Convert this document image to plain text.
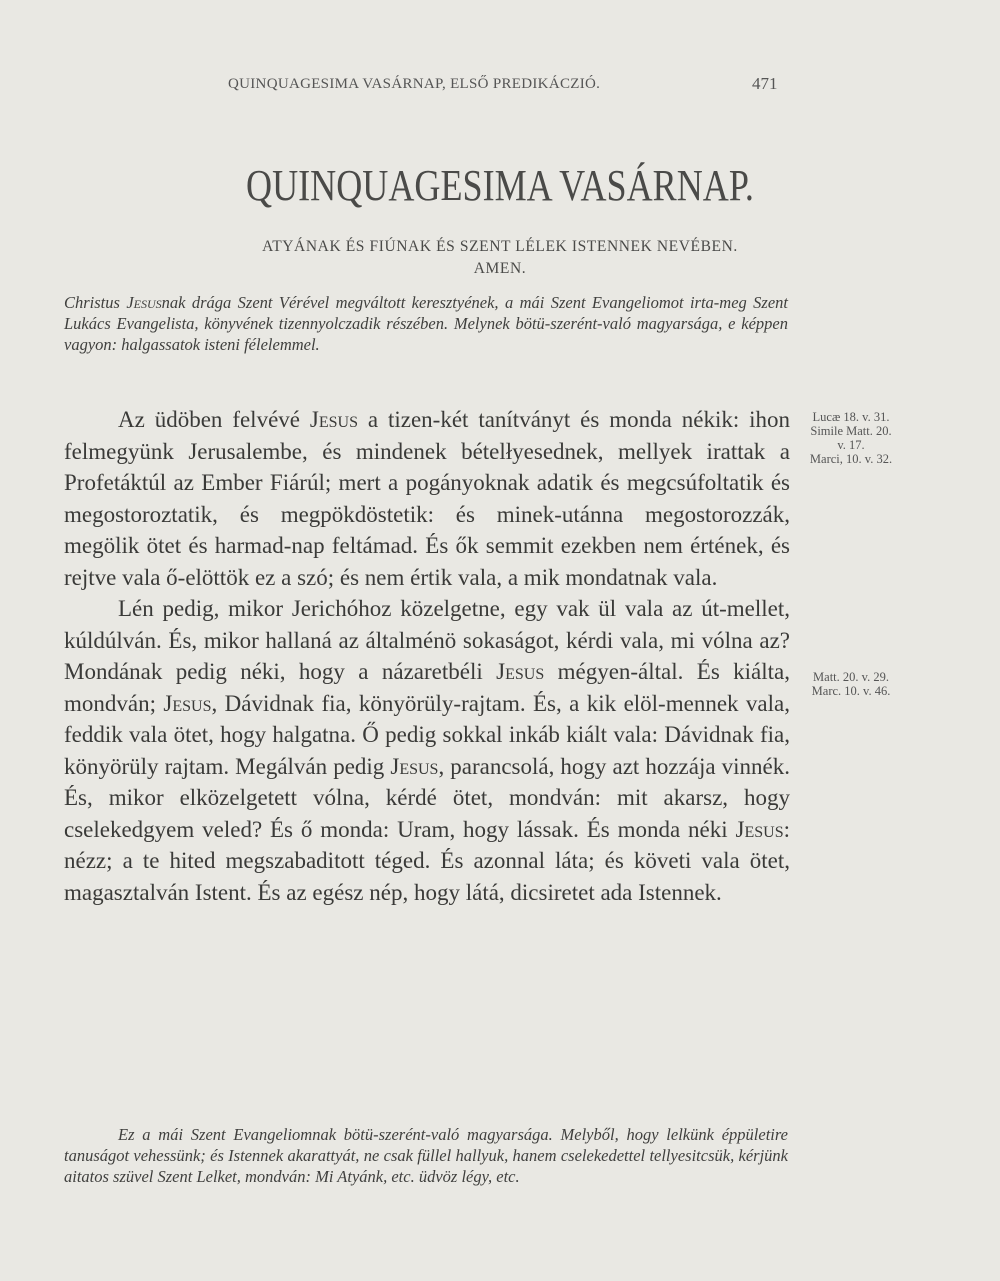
QUINQUAGESIMA VASÁRNAP, ELSŐ PREDIKÁCZIÓ.	471
QUINQUAGESIMA VASÁRNAP.
ATYÁNAK ÉS FIÚNAK ÉS SZENT LÉLEK ISTENNEK NEVÉBEN.
AMEN.
Christus Jesusnak drága Szent Vérével megváltott keresztyének, a mái Szent Evangeliomot irta-meg Szent Lukács Evangelista, könyvének tizennyolczadik részében. Melynek bötü-szerént-való magyarsága, e képpen vagyon: halgassatok isteni félelemmel.

Az üdöben felvévé Jesus a tizen-két tanítványt és monda nékik: ihon felmegyünk Jerusalembe, és mindenek bételłyesednek, mellyek irattak a Profetáktúl az Ember Fiárúl; mert a pogányoknak adatik és megcsúfoltatik és megostoroztatik, és megpökdöstetik: és minek-utánna megostorozzák, megölik ötet és harmad-nap feltámad. És ők semmit ezekben nem értének, és rejtve vala ő-elöttök ez a szó; és nem értik vala, a mik mondatnak vala.

Lén pedig, mikor Jerichóhoz közelgetne, egy vak ül vala az út-mellet, kúldúlván. És, mikor hallaná az általménö sokaságot, kérdi vala, mi vólna az? Mondának pedig néki, hogy a názaretbéli Jesus mégyen-által. És kiálta, mondván; Jesus, Dávidnak fia, könyörüly-rajtam. És, a kik elöl-mennek vala, feddik vala ötet, hogy halgatna. Ő pedig sokkal inkáb kiált vala: Dávidnak fia, könyörüly rajtam. Megálván pedig Jesus, parancsolá, hogy azt hozzája vinnék. És, mikor elközelgetett vólna, kérdé ötet, mondván: mit akarsz, hogy cselekedgyem veled? És ő monda: Uram, hogy lássak. És monda néki Jesus: nézz; a te hited megszabaditott téged. És azonnal láta; és követi vala ötet, magasztalván Istent. És az egész nép, hogy látá, dicsiretet ada Istennek.

Ez a mái Szent Evangeliomnak bötü-szerént-való magyarsága. Melyből, hogy lelkünk éppületire tanuságot vehessünk; és Istennek akarattyát, ne csak füllel hallyuk, hanem cselekedettel tellyesitcsük, kérjünk aitatos szüvel Szent Lelket, mondván: Mi Atyánk, etc. üdvöz légy, etc.

Lucæ 18. v. 31.
Simile Matt. 20.
v. 17.
Marci, 10. v. 32.
Matt. 20. v. 29.
Marc. 10. v. 46.
